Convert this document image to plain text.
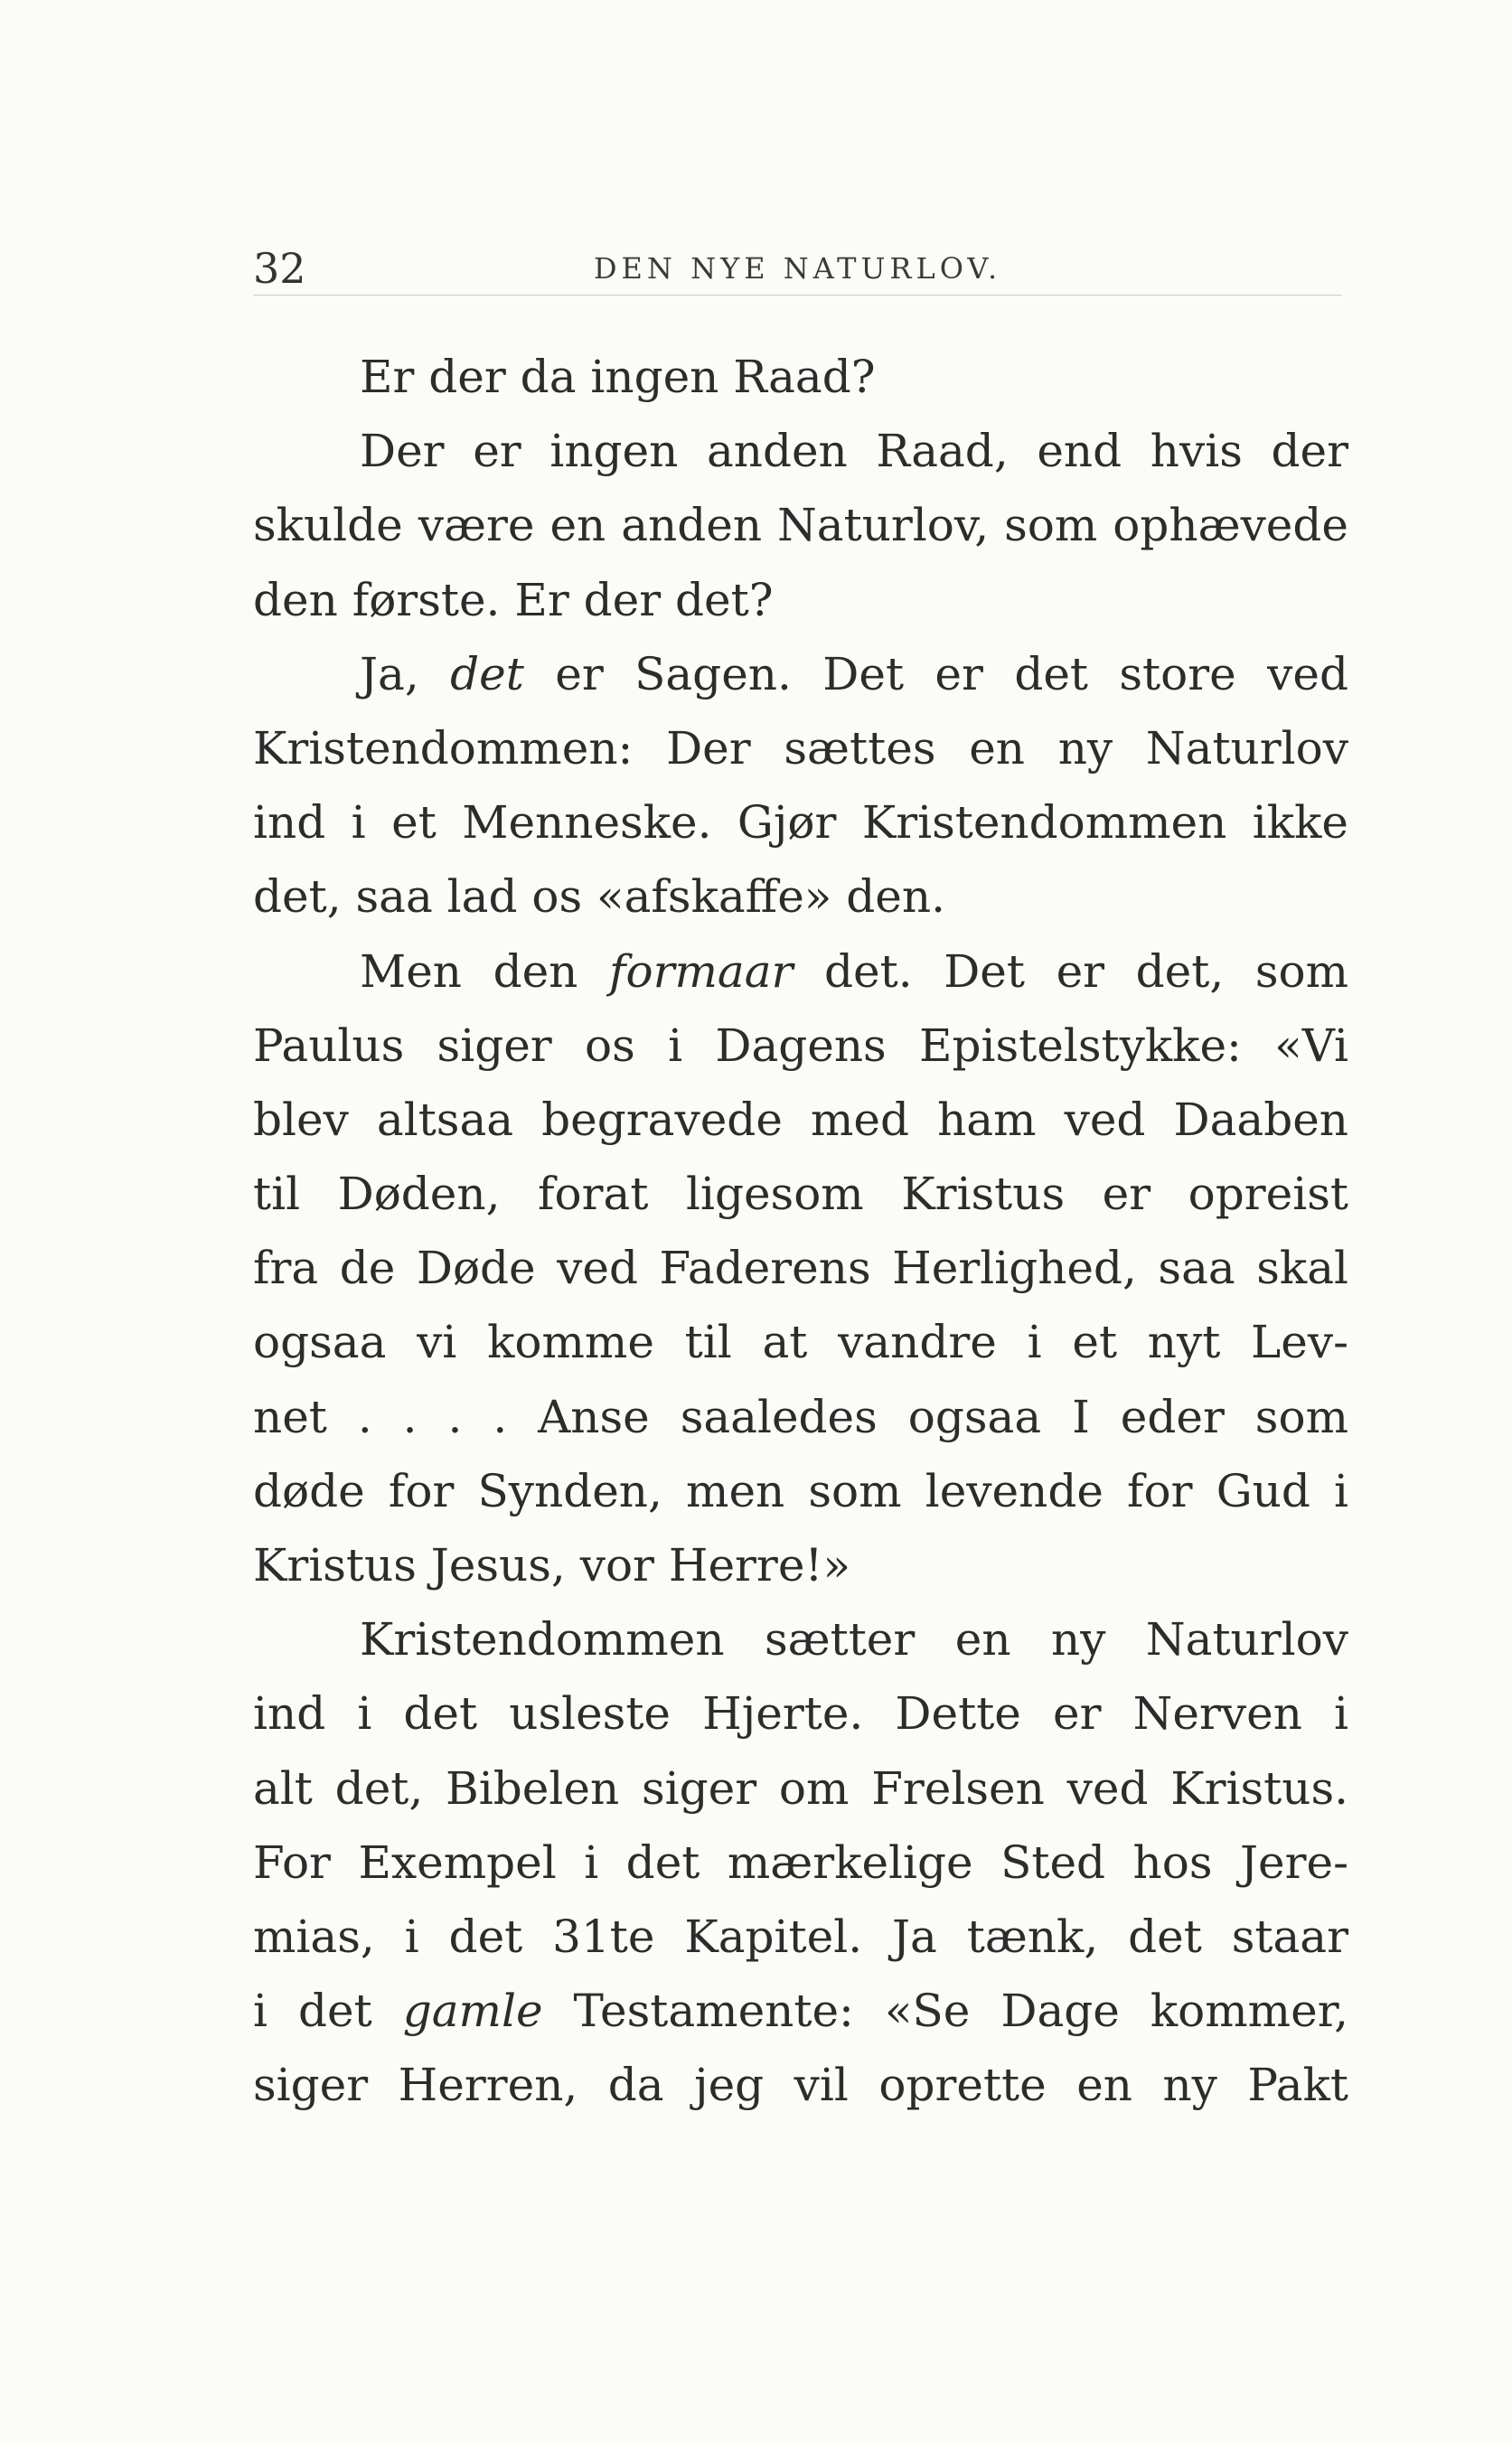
32	DEN NYE NATURLOV.
Er der da ingen Raad?
Der er ingen anden Raad, end hvis der
skulde være en anden Naturlov, som ophævede
den første. Er der det?
Ja, det er Sagen. Det er det store ved
Kristendommen: Der sættes en ny Naturlov
ind i et Menneske. Gjør Kristendommen ikke
det, saa lad os «afskaffe» den.
Men den formaar det. Det er det, som
Paulus siger os i Dagens Epistelstykke: «Vi
blev altsaa begravede med ham ved Daaben
til Døden, forat ligesom Kristus er opreist
fra de Døde ved Faderens Herlighed, saa skal
ogsaa vi komme til at vandre i et nyt Lev-
net . . . . Anse saaledes ogsaa I eder som
døde for Synden, men som levende for Gud i
Kristus Jesus, vor Herre!»
Kristendommen sætter en ny Naturlov
ind i det usleste Hjerte. Dette er Nerven i
alt det, Bibelen siger om Frelsen ved Kristus.
For Exempel i det mærkelige Sted hos Jere-
mias, i det 31te Kapitel. Ja tænk, det staar
i det gamle Testamente: «Se Dage kommer,
siger Herren, da jeg vil oprette en ny Pakt
